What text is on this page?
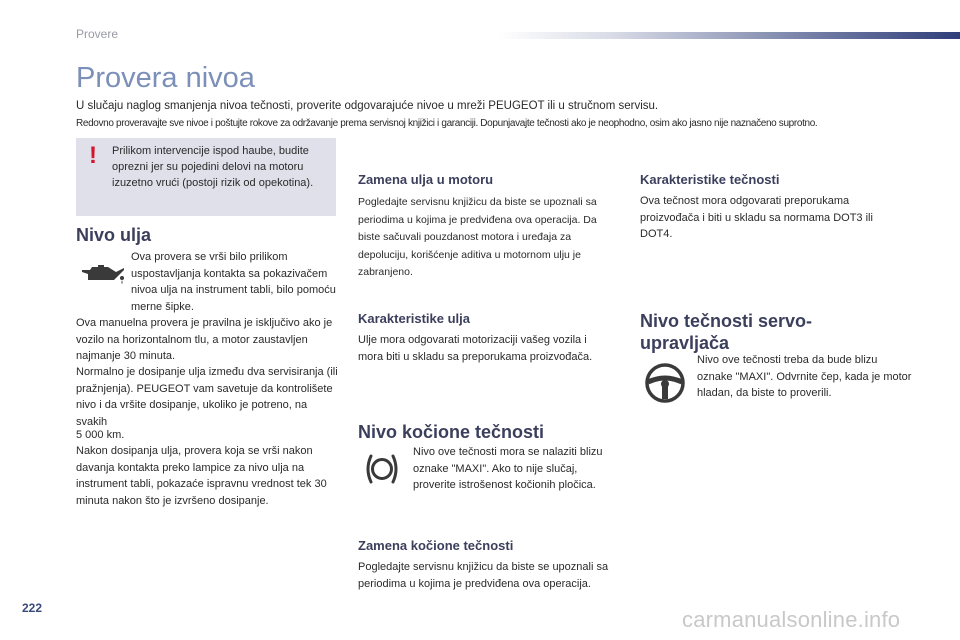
Provere
Provera nivoa
U slučaju naglog smanjenja nivoa tečnosti, proverite odgovarajuće nivoe u mreži PEUGEOT ili u stručnom servisu.
Redovno proveravajte sve nivoe i poštujte rokove za održavanje prema servisnoj knjižici i garanciji. Dopunjavajte tečnosti ako je neophodno, osim ako jasno nije naznačeno suprotno.
! Prilikom intervencije ispod haube, budite oprezni jer su pojedini delovi na motoru izuzetno vrući (postoji rizik od opekotina).
Nivo ulja

Ova provera se vrši bilo prilikom uspostavljanja kontakta sa pokazivačem nivoa ulja na instrument tabli, bilo pomoću merne šipke.

Ova manuelna provera je pravilna je isključivo ako je vozilo na horizontalnom tlu, a motor zaustavljen najmanje 30 minuta.

Normalno je dosipanje ulja između dva servisiranja (ili pražnjenja). PEUGEOT vam savetuje da kontrolišete nivo i da vršite dosipanje, ukoliko je potreno, na svakih

5 000 km.

Nakon dosipanja ulja, provera koja se vrši nakon davanja kontakta preko lampice za nivo ulja na instrument tabli, pokazaće ispravnu vrednost tek 30 minuta nakon što je izvršeno dosipanje.

Zamena ulja u motoru

Pogledajte servisnu knjižicu da biste se upoznali sa periodima u kojima je predviđena ova operacija. Da biste sačuvali pouzdanost motora i uređaja za depoluciju, korišćenje aditiva u motornom ulju je zabranjeno.

Karakteristike ulja

Ulje mora odgovarati motorizaciji vašeg vozila i mora biti u skladu sa preporukama proizvođača.

Nivo kočione tečnosti

Nivo ove tečnosti mora se nalaziti blizu oznake "MAXI". Ako to nije slučaj, proverite istrošenost kočionih pločica.

Zamena kočione tečnosti

Pogledajte servisnu knjižicu da biste se upoznali sa periodima u kojima je predviđena ova operacija.

Karakteristike tečnosti

Ova tečnost mora odgovarati preporukama proizvođača i biti u skladu sa normama DOT3 ili DOT4.

Nivo tečnosti servo-upravljača

Nivo ove tečnosti treba da bude blizu oznake "MAXI". Odvrnite čep, kada je motor hladan, da biste to proverili.

222	carmanualsonline.info
